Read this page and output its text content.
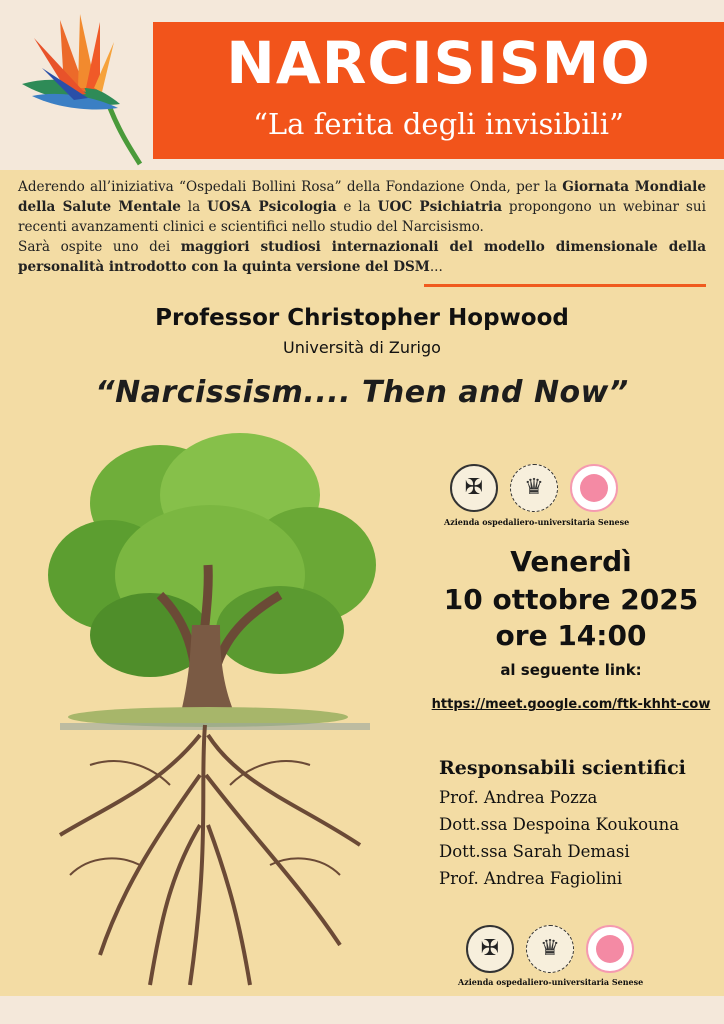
NARCISISMO
“La ferita degli invisibili”
Aderendo all’iniziativa “Ospedali Bollini Rosa” della Fondazione Onda, per la Giornata Mondiale della Salute Mentale la UOSA Psicologia e la UOC Psichiatria propongono un webinar sui recenti avanzamenti clinici e scientifici nello studio del Narcisismo.
Sarà ospite uno dei maggiori studiosi internazionali del modello dimensionale della personalità introdotto con la quinta versione del DSM...
Professor Christopher Hopwood
Università di Zurigo
“Narcissism.... Then and Now”
✠
♛
Azienda ospedaliero-universitaria Senese
Venerdì
10 ottobre 2025
ore 14:00
al seguente link:
https://meet.google.com/ftk-khht-cow
Responsabili scientifici
Prof. Andrea Pozza
Dott.ssa Despoina Koukouna
Dott.ssa Sarah Demasi
Prof. Andrea Fagiolini
✠
♛
Azienda ospedaliero-universitaria Senese
